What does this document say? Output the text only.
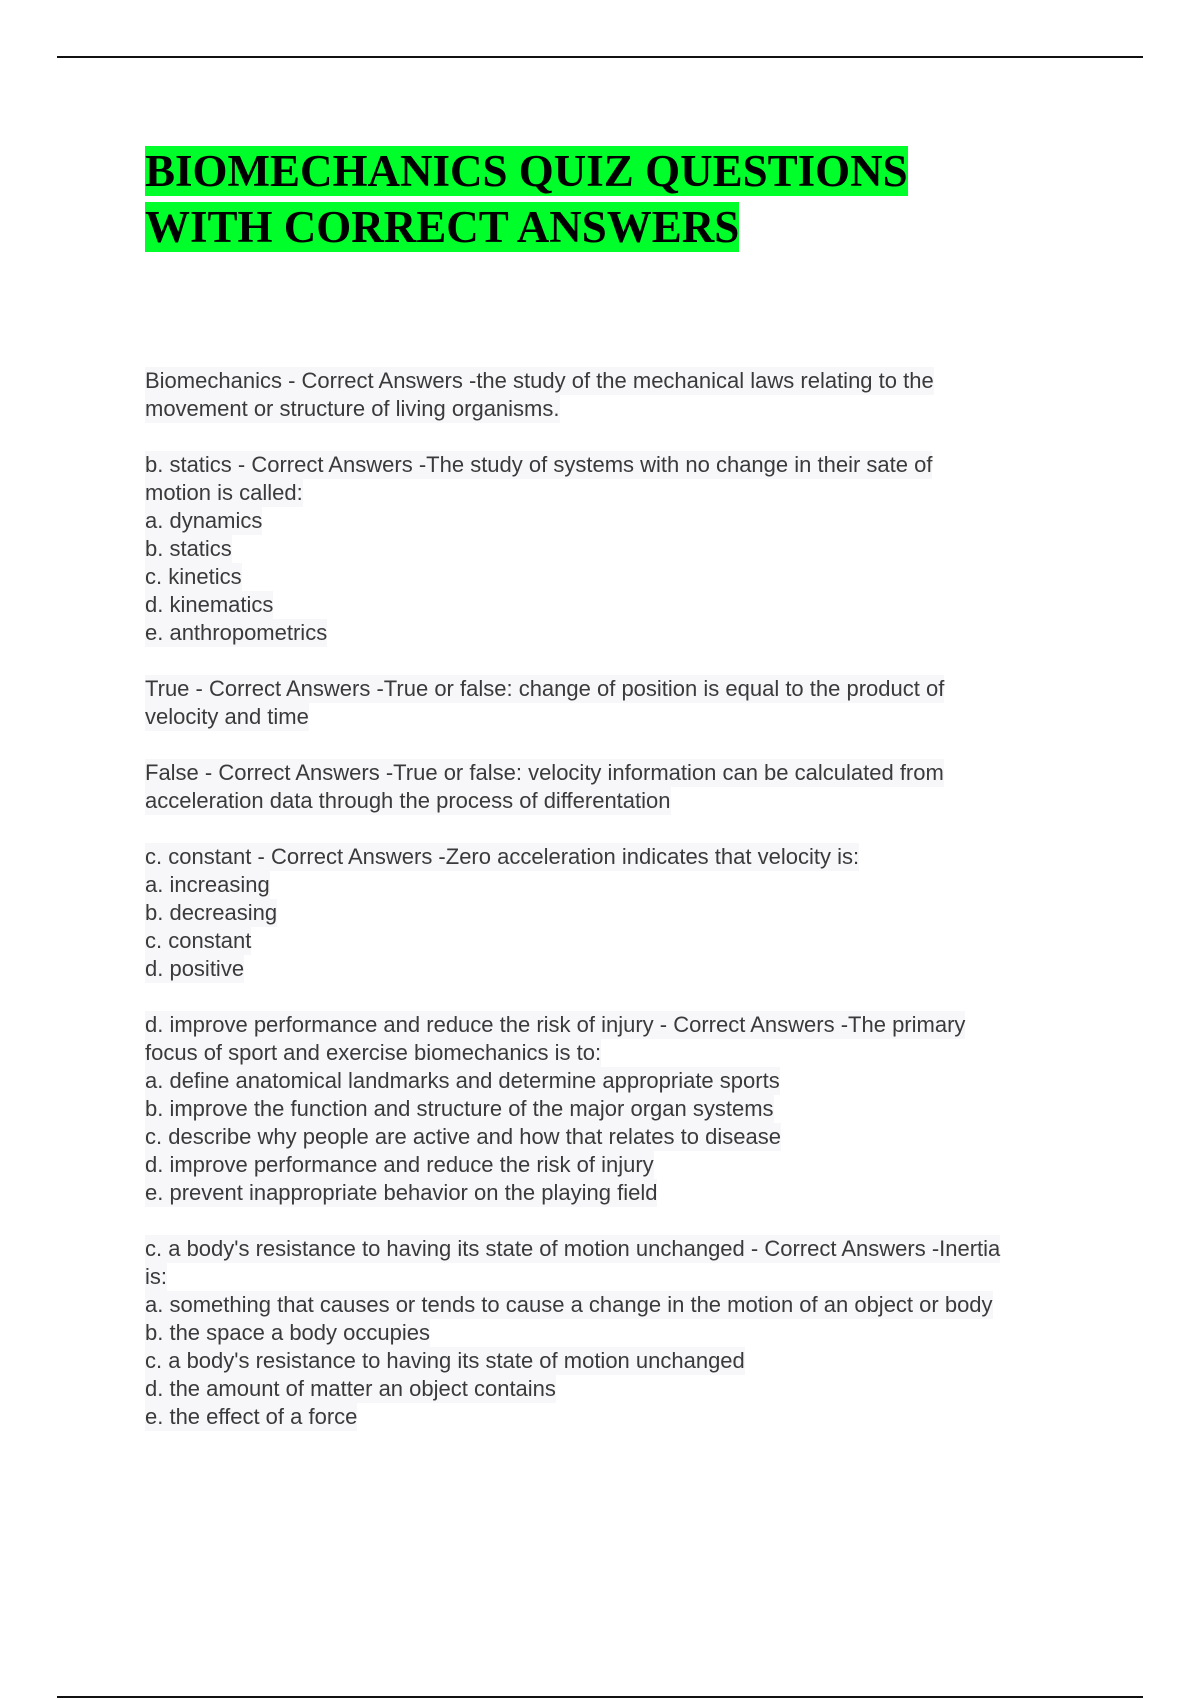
BIOMECHANICS QUIZ QUESTIONS
WITH CORRECT ANSWERS
Biomechanics - Correct Answers -the study of the mechanical laws relating to the
movement or structure of living organisms.
b. statics - Correct Answers -The study of systems with no change in their sate of
motion is called:
a. dynamics
b. statics
c. kinetics
d. kinematics
e. anthropometrics
True - Correct Answers -True or false: change of position is equal to the product of
velocity and time
False - Correct Answers -True or false: velocity information can be calculated from
acceleration data through the process of differentation
c. constant - Correct Answers -Zero acceleration indicates that velocity is:
a. increasing
b. decreasing
c. constant
d. positive
d. improve performance and reduce the risk of injury - Correct Answers -The primary
focus of sport and exercise biomechanics is to:
a. define anatomical landmarks and determine appropriate sports
b. improve the function and structure of the major organ systems
c. describe why people are active and how that relates to disease
d. improve performance and reduce the risk of injury
e. prevent inappropriate behavior on the playing field
c. a body's resistance to having its state of motion unchanged - Correct Answers -Inertia
is:
a. something that causes or tends to cause a change in the motion of an object or body
b. the space a body occupies
c. a body's resistance to having its state of motion unchanged
d. the amount of matter an object contains
e. the effect of a force
